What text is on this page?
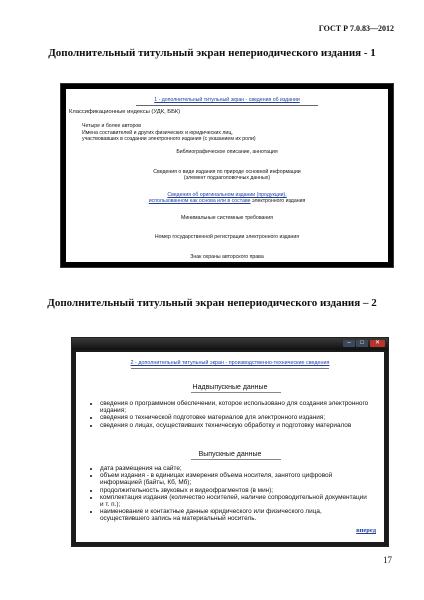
ГОСТ Р 7.0.83—2012
Дополнительный титульный экран непериодического издания - 1
1 - дополнительный титульный экран - сведения об издании
Классификационные индексы (УДК, ББК)
Четыре и более авторов
Имена составителей и других физических и юридических лиц,
участвовавших в создании электронного издания (с указанием их роли)
Библиографическое описание, аннотация
Сведения о виде издания по природе основной информации
(элемент подзаголовочных данных)
Сведения об оригинальном издании (продукции),
использованном как основа или в составе электронного издания
Минимальные системные требования
Номер государственной регистрации электронного издания
Знак охраны авторского права
Дополнительный титульный экран непериодического издания – 2
–	□	✕
2 - дополнительный титульный экран - производственно-технические сведения
Надвыпускные данные
• сведения о программном обеспечении, которое использовано для создания электронного издания;
• сведения о технической подготовке материалов для электронного издания;
• сведения о лицах, осуществивших техническую обработку и подготовку материалов
Выпускные данные
• дата размещения на сайте;
• объем издания - в единицах измерения объема носителя, занятого цифровой информацией (байты, Кб, Мб);
• продолжительность звуковых и видеофрагментов (в мин);
• комплектация издания (количество носителей, наличие сопроводительной документации и т. п.);
• наименование и контактные данные юридического или физического лица, осуществившего запись на материальный носитель.
вперед
17
